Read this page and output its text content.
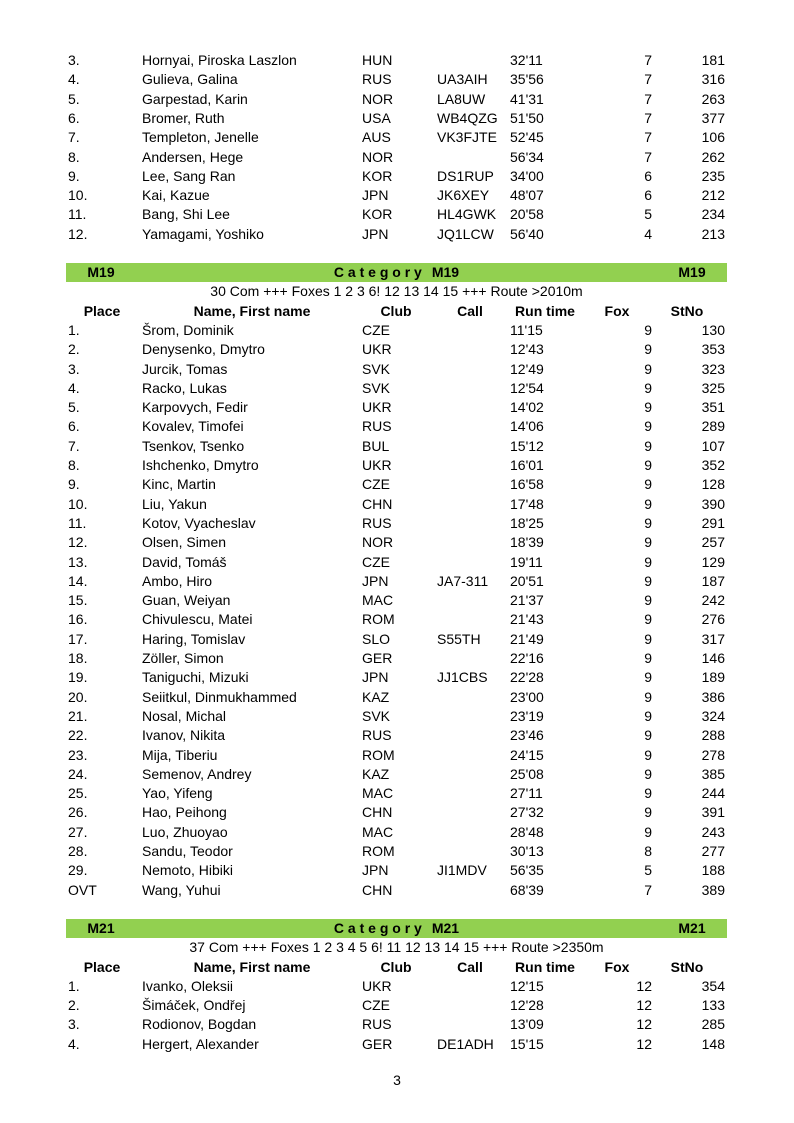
3.	Hornyai, Piroska Laszlon	HUN	32'11	7	181
4.	Gulieva, Galina	RUS	UA3AIH 35'56	7	316
5.	Garpestad, Karin	NOR	LA8UW 41'31	7	263
6.	Bromer, Ruth	USA	WB4QZG 51'50	7	377
7.	Templeton, Jenelle	AUS	VK3FJTE 52'45	7	106
8.	Andersen, Hege	NOR	56'34	7	262
9.	Lee, Sang Ran	KOR	DS1RUP 34'00	6	235
10.	Kai, Kazue	JPN	JK6XEY 48'07	6	212
11.	Bang, Shi Lee	KOR	HL4GWK 20'58	5	234
12.	Yamagami, Yoshiko	JPN	JQ1LCW 56'40	4	213
M19	C a t e g o r y M19	M19
30 Com +++ Foxes 1 2 3 6! 12 13 14 15 +++ Route >2010m
Place	Name, First name	Club	Call	Run time	Fox	StNo
1.	Šrom, Dominik	CZE	11'15	9	130
2.	Denysenko, Dmytro	UKR	12'43	9	353
3.	Jurcik, Tomas	SVK	12'49	9	323
4.	Racko, Lukas	SVK	12'54	9	325
5.	Karpovych, Fedir	UKR	14'02	9	351
6.	Kovalev, Timofei	RUS	14'06	9	289
7.	Tsenkov, Tsenko	BUL	15'12	9	107
8.	Ishchenko, Dmytro	UKR	16'01	9	352
9.	Kinc, Martin	CZE	16'58	9	128
10.	Liu, Yakun	CHN	17'48	9	390
11.	Kotov, Vyacheslav	RUS	18'25	9	291
12.	Olsen, Simen	NOR	18'39	9	257
13.	David, Tomáš	CZE	19'11	9	129
14.	Ambo, Hiro	JPN	JA7-311 20'51	9	187
15.	Guan, Weiyan	MAC	21'37	9	242
16.	Chivulescu, Matei	ROM	21'43	9	276
17.	Haring, Tomislav	SLO	S55TH 21'49	9	317
18.	Zöller, Simon	GER	22'16	9	146
19.	Taniguchi, Mizuki	JPN	JJ1CBS 22'28	9	189
20.	Seiitkul, Dinmukhammed	KAZ	23'00	9	386
21.	Nosal, Michal	SVK	23'19	9	324
22.	Ivanov, Nikita	RUS	23'46	9	288
23.	Mija, Tiberiu	ROM	24'15	9	278
24.	Semenov, Andrey	KAZ	25'08	9	385
25.	Yao, Yifeng	MAC	27'11	9	244
26.	Hao, Peihong	CHN	27'32	9	391
27.	Luo, Zhuoyao	MAC	28'48	9	243
28.	Sandu, Teodor	ROM	30'13	8	277
29.	Nemoto, Hibiki	JPN	JI1MDV 56'35	5	188
OVT	Wang, Yuhui	CHN	68'39	7	389
M21	C a t e g o r y M21	M21
37 Com +++ Foxes 1 2 3 4 5 6! 11 12 13 14 15 +++ Route >2350m
Place	Name, First name	Club	Call	Run time	Fox	StNo
1.	Ivanko, Oleksii	UKR	12'15	12	354
2.	Šimáček, Ondřej	CZE	12'28	12	133
3.	Rodionov, Bogdan	RUS	13'09	12	285
4.	Hergert, Alexander	GER	DE1ADH 15'15	12	148
3
